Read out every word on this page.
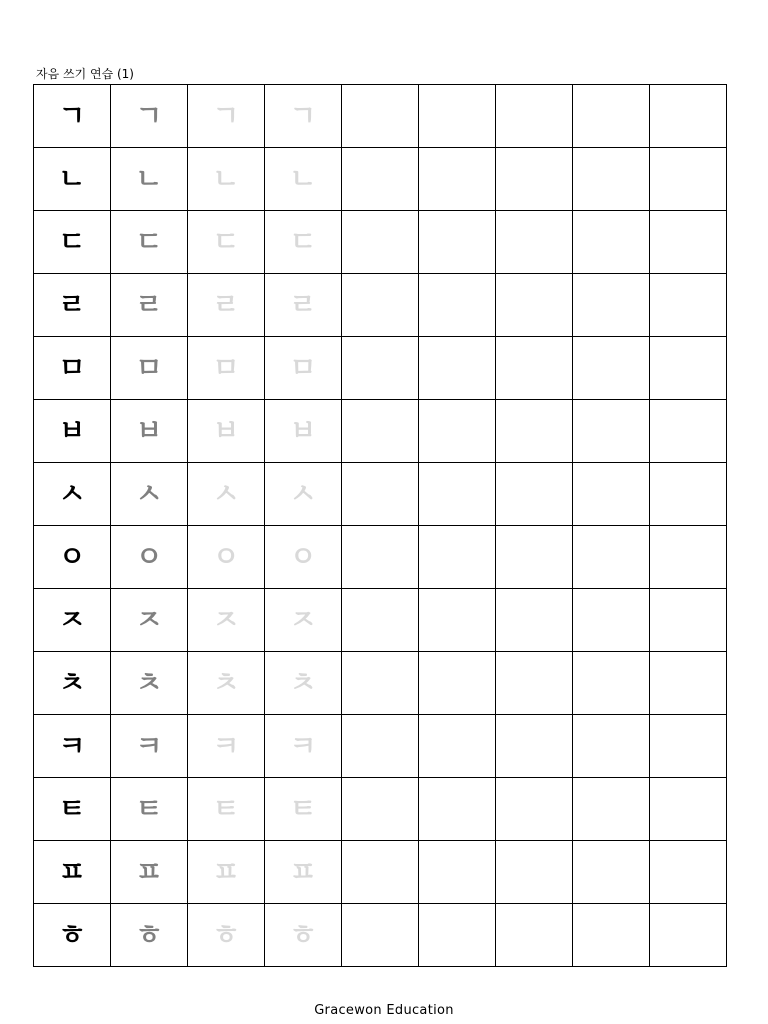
자음 쓰기 연습 (1)
ㄱ	ㄱ	ㄱ	ㄱ					
ㄴ	ㄴ	ㄴ	ㄴ					
ㄷ	ㄷ	ㄷ	ㄷ					
ㄹ	ㄹ	ㄹ	ㄹ					
ㅁ	ㅁ	ㅁ	ㅁ					
ㅂ	ㅂ	ㅂ	ㅂ					
ㅅ	ㅅ	ㅅ	ㅅ					
ㅇ	ㅇ	ㅇ	ㅇ					
ㅈ	ㅈ	ㅈ	ㅈ					
ㅊ	ㅊ	ㅊ	ㅊ					
ㅋ	ㅋ	ㅋ	ㅋ					
ㅌ	ㅌ	ㅌ	ㅌ					
ㅍ	ㅍ	ㅍ	ㅍ					
ㅎ	ㅎ	ㅎ	ㅎ					
Gracewon Education
